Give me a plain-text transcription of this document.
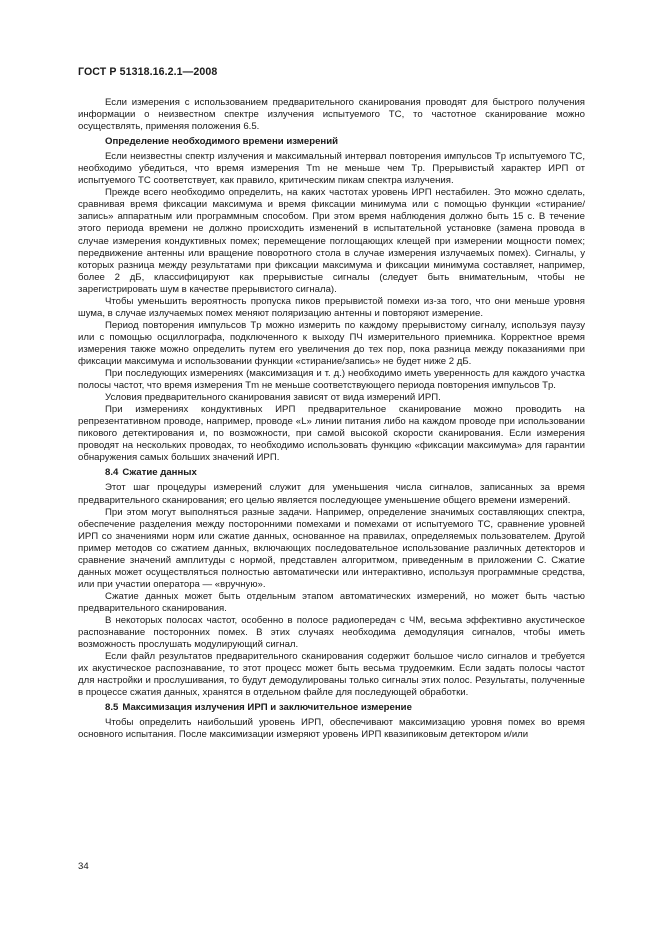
ГОСТ Р 51318.16.2.1—2008

Если измерения с использованием предварительного сканирования проводят для быстрого получения информации о неизвестном спектре излучения испытуемого ТС, то частотное сканирование можно осуществлять, применяя положения 6.5.

Определение необходимого времени измерений

Если неизвестны спектр излучения и максимальный интервал повторения импульсов Tp испытуемого ТС, необходимо убедиться, что время измерения Tm не меньше чем Tp. Прерывистый характер ИРП от испытуемого ТС соответствует, как правило, критическим пикам спектра излучения.

Прежде всего необходимо определить, на каких частотах уровень ИРП нестабилен. Это можно сделать, сравнивая время фиксации максимума и время фиксации минимума или с помощью функции «стирание/запись» аппаратным или программным способом. При этом время наблюдения должно быть 15 с. В течение этого периода времени не должно происходить изменений в испытательной установке (замена провода в случае измерения кондуктивных помех; перемещение поглощающих клещей при измерении мощности помех; передвижение антенны или вращение поворотного стола в случае измерения излучаемых помех). Сигналы, у которых разница между результатами при фиксации максимума и фиксации минимума составляет, например, более 2 дБ, классифицируют как прерывистые сигналы (следует быть внимательным, чтобы не зарегистрировать шум в качестве прерывистого сигнала).

Чтобы уменьшить вероятность пропуска пиков прерывистой помехи из-за того, что они меньше уровня шума, в случае излучаемых помех меняют поляризацию антенны и повторяют измерение.

Период повторения импульсов Tp можно измерить по каждому прерывистому сигналу, используя паузу или с помощью осциллографа, подключенного к выходу ПЧ измерительного приемника. Корректное время измерения также можно определить путем его увеличения до тех пор, пока разница между показаниями при фиксации максимума и использовании функции «стирание/запись» не будет ниже 2 дБ.

При последующих измерениях (максимизация и т. д.) необходимо иметь уверенность для каждого участка полосы частот, что время измерения Tm не меньше соответствующего периода повторения импульсов Tp.

Условия предварительного сканирования зависят от вида измерений ИРП.

При измерениях кондуктивных ИРП предварительное сканирование можно проводить на репрезентативном проводе, например, проводе «L» линии питания либо на каждом проводе при использовании пикового детектирования и, по возможности, при самой высокой скорости сканирования. Если измерения проводят на нескольких проводах, то необходимо использовать функцию «фиксации максимума» для гарантии обнаружения самых больших значений ИРП.

8.4 Сжатие данных

Этот шаг процедуры измерений служит для уменьшения числа сигналов, записанных за время предварительного сканирования; его целью является последующее уменьшение общего времени измерений.

При этом могут выполняться разные задачи. Например, определение значимых составляющих спектра, обеспечение разделения между посторонними помехами и помехами от испытуемого ТС, сравнение уровней ИРП со значениями норм или сжатие данных, основанное на правилах, определяемых пользователем. Другой пример методов со сжатием данных, включающих последовательное использование различных детекторов и сравнение значений амплитуды с нормой, представлен алгоритмом, приведенным в приложении С. Сжатие данных может осуществляться полностью автоматически или интерактивно, используя программные средства, или при участии оператора — «вручную».

Сжатие данных может быть отдельным этапом автоматических измерений, но может быть частью предварительного сканирования.

В некоторых полосах частот, особенно в полосе радиопередач с ЧМ, весьма эффективно акустическое распознавание посторонних помех. В этих случаях необходима демодуляция сигналов, чтобы иметь возможность прослушать модулирующий сигнал.

Если файл результатов предварительного сканирования содержит большое число сигналов и требуется их акустическое распознавание, то этот процесс может быть весьма трудоемким. Если задать полосы частот для настройки и прослушивания, то будут демодулированы только сигналы этих полос. Результаты, полученные в процессе сжатия данных, хранятся в отдельном файле для последующей обработки.

8.5 Максимизация излучения ИРП и заключительное измерение

Чтобы определить наибольший уровень ИРП, обеспечивают максимизацию уровня помех во время основного испытания. После максимизации измеряют уровень ИРП квазипиковым детектором и/или

34
